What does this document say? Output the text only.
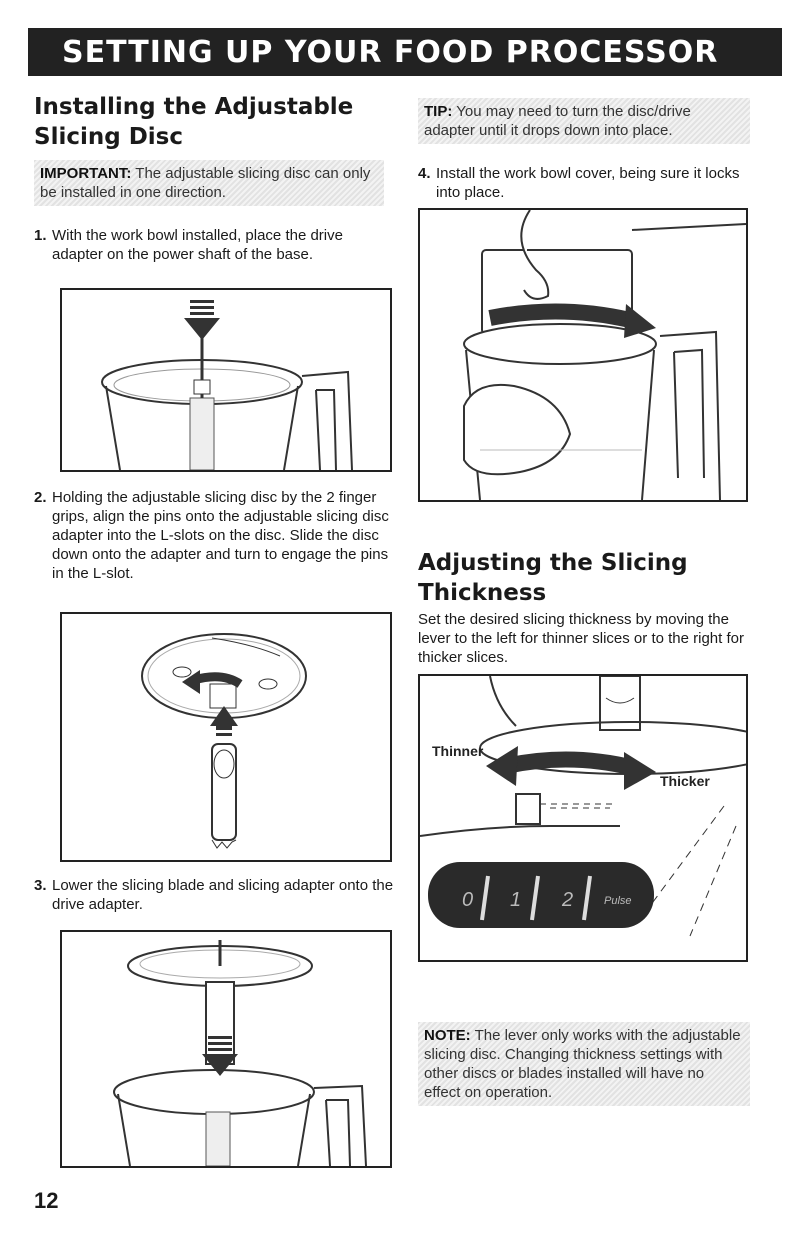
SETTING UP YOUR FOOD PROCESSOR
Installing the Adjustable
Slicing Disc
IMPORTANT: The adjustable slicing disc can only be installed in one direction.
1. With the work bowl installed, place the drive adapter on the power shaft of the base.
2. Holding the adjustable slicing disc by the 2 finger grips, align the pins onto the adjustable slicing disc adapter into the L-slots on the disc. Slide the disc down onto the adapter and turn to engage the pins in the L-slot.
3. Lower the slicing blade and slicing adapter onto the drive adapter.
12
TIP: You may need to turn the disc/drive adapter until it drops down into place.
4. Install the work bowl cover, being sure it locks into place.
Adjusting the Slicing
Thickness
Set the desired slicing thickness by moving the lever to the left for thinner slices or to the right for thicker slices.
Thinner
Thicker
0 1 2	Pulse
NOTE: The lever only works with the adjustable slicing disc. Changing thickness settings with other discs or blades installed will have no effect on operation.
